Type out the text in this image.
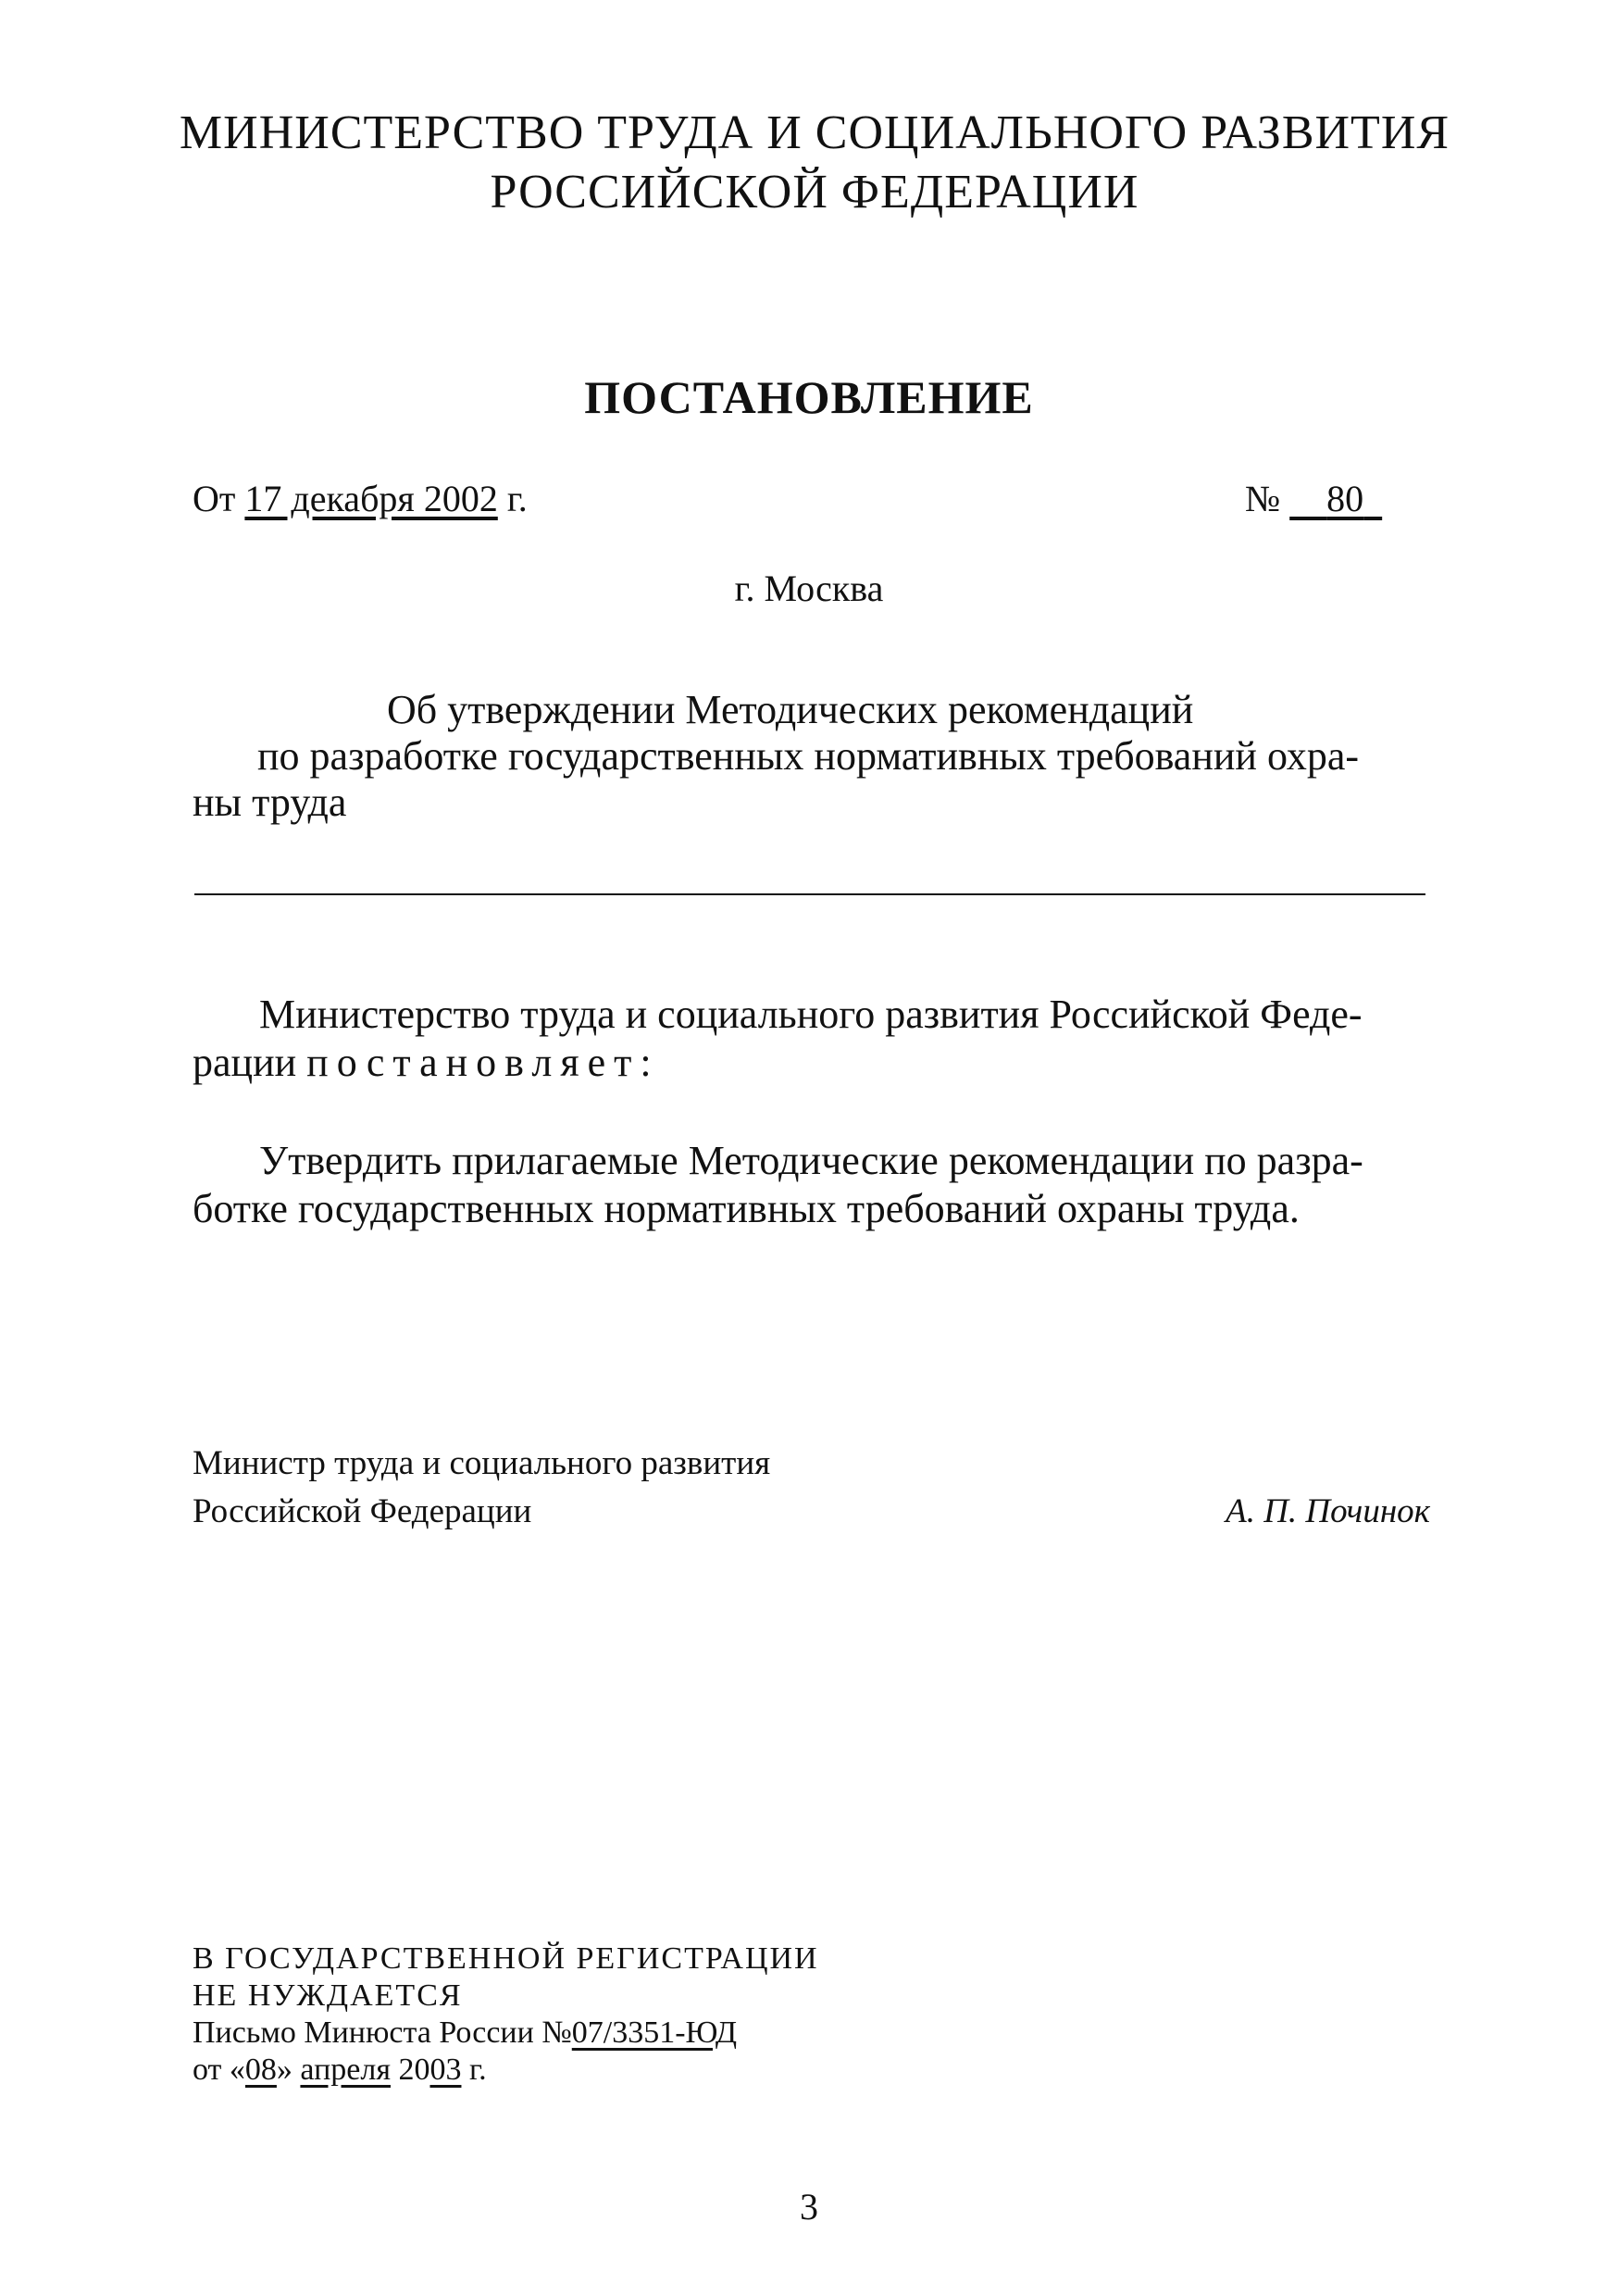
МИНИСТЕРСТВО ТРУДА И СОЦИАЛЬНОГО РАЗВИТИЯ
РОССИЙСКОЙ ФЕДЕРАЦИИ
ПОСТАНОВЛЕНИЕ
От 17 декабря 2002 г.	№   80 
г. Москва
Об утверждении Методических рекомендаций
по разработке государственных нормативных требований охра-
ны труда
Министерство труда и социального развития Российской Феде-
рации постановляет:
Утвердить прилагаемые Методические рекомендации по разра-
ботке государственных нормативных требований охраны труда.
Министр труда и социального развития
Российской Федерации	А. П. Починок
В ГОСУДАРСТВЕННОЙ РЕГИСТРАЦИИ
НЕ НУЖДАЕТСЯ
Письмо Минюста России №07/3351-ЮД
от «08» апреля 2003 г.
3
